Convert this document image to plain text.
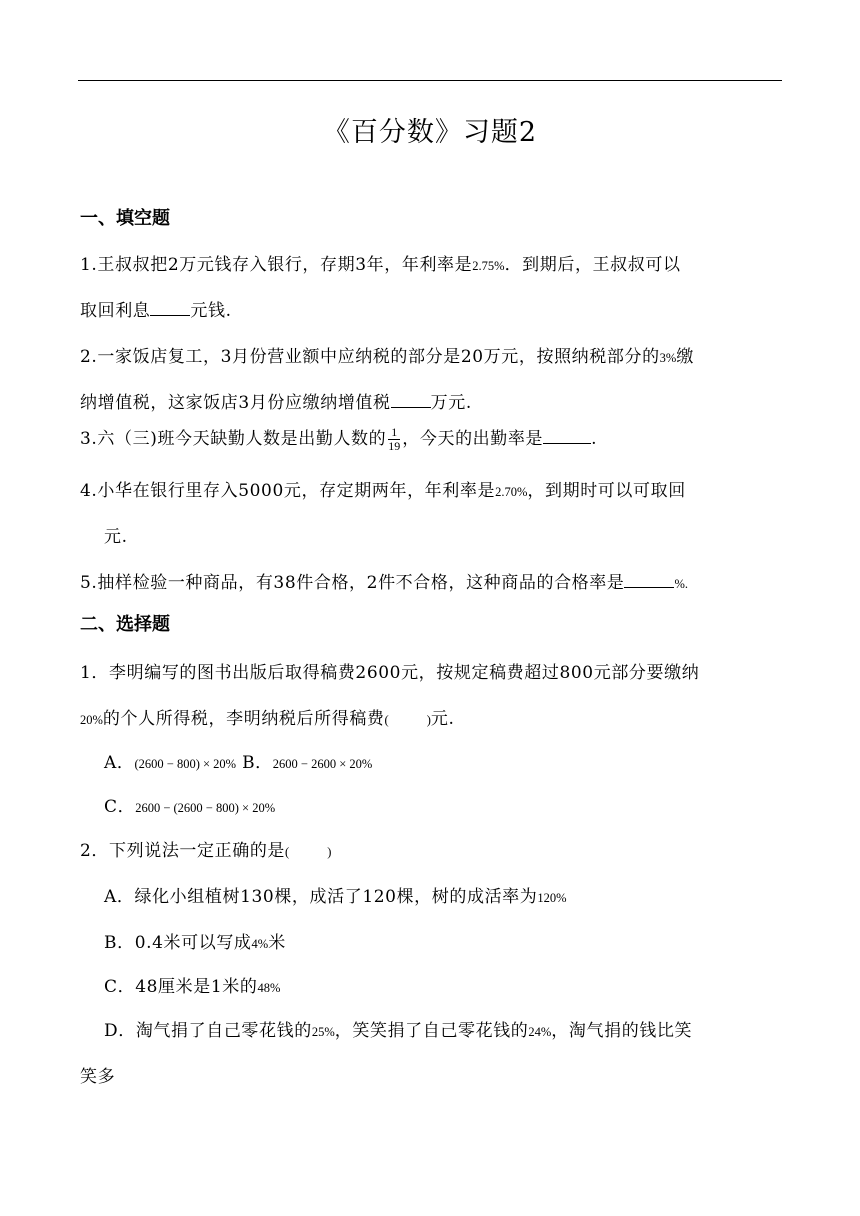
《百分数》习题2
一、填空题
1.王叔叔把2万元钱存入银行，存期3年，年利率是2.75%．到期后，王叔叔可以
取回利息 元钱.
2.一家饭店复工，3月份营业额中应纳税的部分是20万元，按照纳税部分的3%缴
纳增值税，这家饭店3月份应缴纳增值税 万元.
3.六（三)班今天缺勤人数是出勤人数的 $\frac{1}{19}$ ，今天的出勤率是	.
4.小华在银行里存入5000元，存定期两年，年利率是2.70%，到期时可以可取回
元.
5.抽样检验一种商品，有38件合格，2件不合格，这种商品的合格率是	%.
二、选择题
1．李明编写的图书出版后取得稿费2600元，按规定稿费超过800元部分要缴纳
20%的个人所得税，李明纳税后所得稿费(	)元.
A．(2600 − 800) × 20% B．2600 − 2600 × 20%
C．2600 − (2600 − 800) × 20%
2．下列说法一定正确的是(	)
A．绿化小组植树130棵，成活了120棵，树的成活率为120%
B．0.4米可以写成4%米
C．48厘米是1米的48%
D．淘气捐了自己零花钱的25%，笑笑捐了自己零花钱的24%，淘气捐的钱比笑
笑多
